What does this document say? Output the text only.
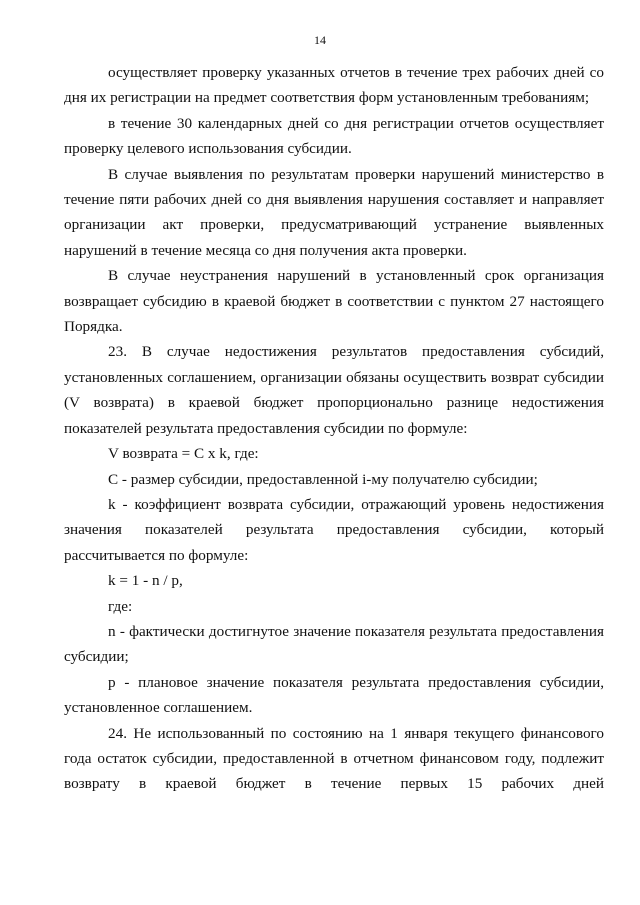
14

осуществляет проверку указанных отчетов в течение трех рабочих дней со дня их регистрации на предмет соответствия форм установленным требованиям;

в течение 30 календарных дней со дня регистрации отчетов осуществляет проверку целевого использования субсидии.

В случае выявления по результатам проверки нарушений министерство в течение пяти рабочих дней со дня выявления нарушения составляет и направляет организации акт проверки, предусматривающий устранение выявленных нарушений в течение месяца со дня получения акта проверки.

В случае неустранения нарушений в установленный срок организация возвращает субсидию в краевой бюджет в соответствии с пунктом 27 настоящего Порядка.

23. В случае недостижения результатов предоставления субсидий, установленных соглашением, организации обязаны осуществить возврат субсидии (V возврата) в краевой бюджет пропорционально разнице недостижения показателей результата предоставления субсидии по формуле:

V возврата = C x k, где:

C - размер субсидии, предоставленной i-му получателю субсидии;

k - коэффициент возврата субсидии, отражающий уровень недостижения значения показателей результата предоставления субсидии, который рассчитывается по формуле:

k = 1 - n / p,

где:

n - фактически достигнутое значение показателя результата предоставления субсидии;

p - плановое значение показателя результата предоставления субсидии, установленное соглашением.

24. Не использованный по состоянию на 1 января текущего финансового года остаток субсидии, предоставленной в отчетном финансовом году, подлежит возврату в краевой бюджет в течение первых 15 рабочих дней
